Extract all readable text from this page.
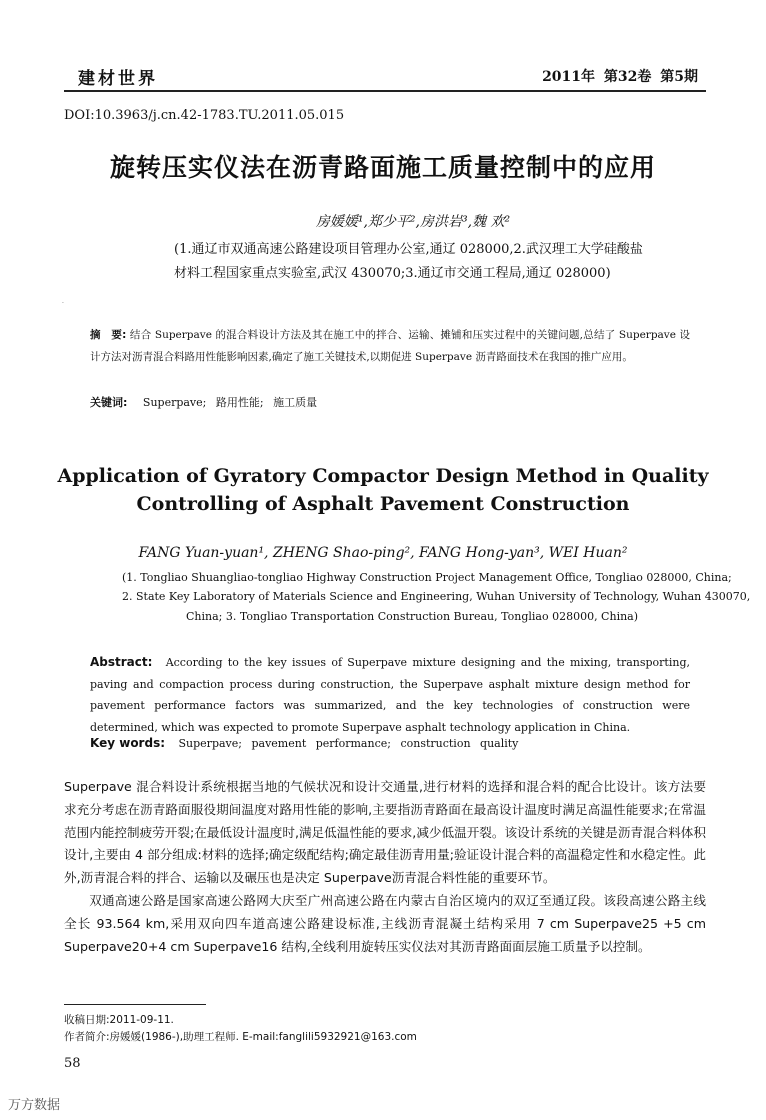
建材世界	2011年 第32卷 第5期
DOI:10.3963/j.cn.42-1783.TU.2011.05.015
旋转压实仪法在沥青路面施工质量控制中的应用
房媛媛¹,郑少平²,房洪岩³,魏 欢²
(1.通辽市双通高速公路建设项目管理办公室,通辽 028000,2.武汉理工大学硅酸盐
材料工程国家重点实验室,武汉 430070;3.通辽市交通工程局,通辽 028000)
·
摘　要: 结合 Superpave 的混合料设计方法及其在施工中的拌合、运输、摊铺和压实过程中的关键问题,总结了 Superpave 设计方法对沥青混合料路用性能影响因素,确定了施工关键技术,以期促进 Superpave 沥青路面技术在我国的推广应用。
关键词: Superpave; 路用性能; 施工质量
Application of Gyratory Compactor Design Method in Quality Controlling of Asphalt Pavement Construction
FANG Yuan-yuan¹, ZHENG Shao-ping², FANG Hong-yan³, WEI Huan²
(1. Tongliao Shuangliao-tongliao Highway Construction Project Management Office, Tongliao 028000, China;
2. State Key Laboratory of Materials Science and Engineering, Wuhan University of Technology, Wuhan 430070,
China; 3. Tongliao Transportation Construction Bureau, Tongliao 028000, China)
Abstract: According to the key issues of Superpave mixture designing and the mixing, transporting, paving and compaction process during construction, the Superpave asphalt mixture design method for pavement performance factors was summarized, and the key technologies of construction were determined, which was expected to promote Superpave asphalt technology application in China.
Key words: Superpave; pavement performance; construction quality

Superpave 混合料设计系统根据当地的气候状况和设计交通量,进行材料的选择和混合料的配合比设计。该方法要求充分考虑在沥青路面服役期间温度对路用性能的影响,主要指沥青路面在最高设计温度时满足高温性能要求;在常温范围内能控制疲劳开裂;在最低设计温度时,满足低温性能的要求,减少低温开裂。该设计系统的关键是沥青混合料体积设计,主要由 4 部分组成:材料的选择;确定级配结构;确定最佳沥青用量;验证设计混合料的高温稳定性和水稳定性。此外,沥青混合料的拌合、运输以及碾压也是决定 Superpave沥青混合料性能的重要环节。

双通高速公路是国家高速公路网大庆至广州高速公路在内蒙古自治区境内的双辽至通辽段。该段高速公路主线全长 93.564 km,采用双向四车道高速公路建设标准,主线沥青混凝土结构采用 7 cm Superpave25 +5 cm Superpave20+4 cm Superpave16 结构,全线利用旋转压实仪法对其沥青路面面层施工质量予以控制。

收稿日期:2011-09-11.
作者简介:房媛媛(1986-),助理工程师. E-mail:fanglili5932921@163.com
58
万方数据
